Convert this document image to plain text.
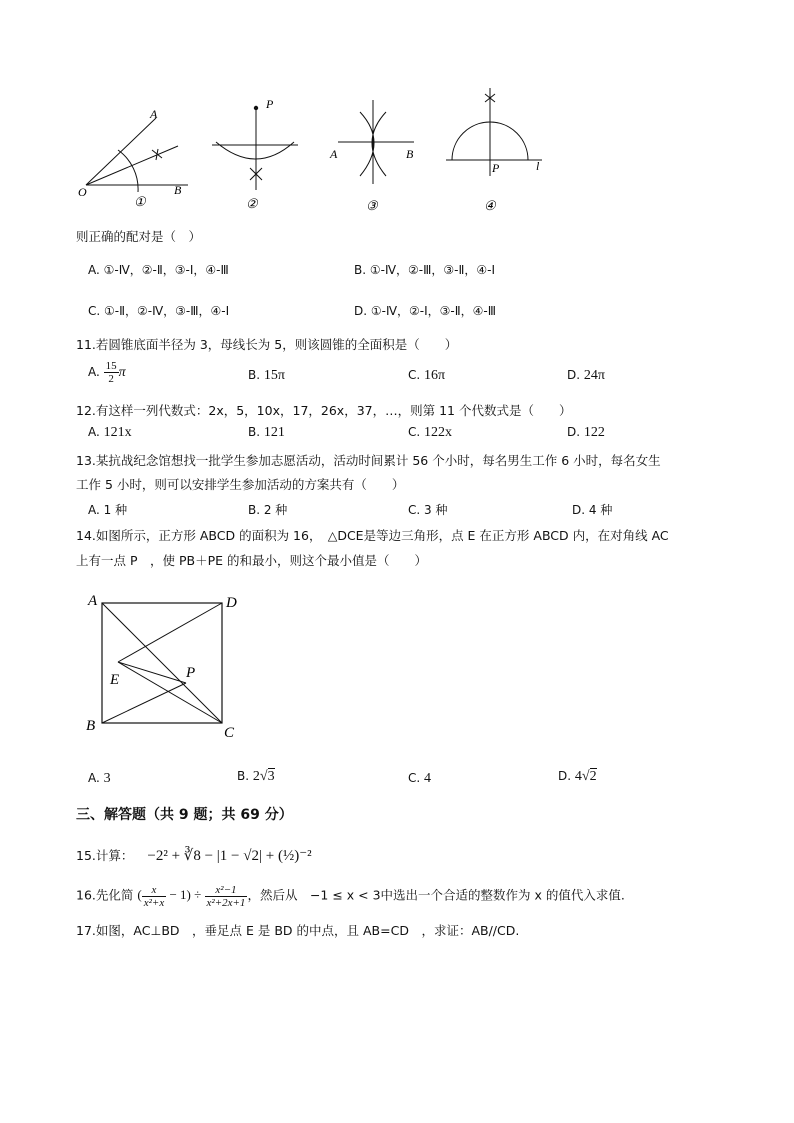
A
O	B
①
P
②
A	B
③
P	l
④
则正确的配对是（　）
A. ①-Ⅳ，②-Ⅱ，③-Ⅰ，④-Ⅲ	B. ①-Ⅳ，②-Ⅲ，③-Ⅱ，④-Ⅰ
C. ①-Ⅱ，②-Ⅳ，③-Ⅲ，④-Ⅰ	D. ①-Ⅳ，②-Ⅰ，③-Ⅱ，④-Ⅲ
11.若圆锥底面半径为 3，母线长为 5，则该圆锥的全面积是（　　）
A. $\frac{15}{2}$ π	B. 15π	C. 16π	D. 24π
12.有这样一列代数式：2x，5，10x，17，26x，37，…，则第 11 个代数式是（　　）
A. 121x	B. 121	C. 122x	D. 122
13.某抗战纪念馆想找一批学生参加志愿活动，活动时间累计 56 个小时，每名男生工作 6 小时，每名女生
工作 5 小时，则可以安排学生参加活动的方案共有（　　）
A. 1 种	B. 2 种	C. 3 种	D. 4 种
14.如图所示，正方形 ABCD 的面积为 16，　△DCE是等边三角形，点 E 在正方形 ABCD 内，在对角线 AC
上有一点 P　，使 PB＋PE 的和最小，则这个最小值是（　　）
A	D
E	P
B	C
A. 3	B. 2√3	C. 4	D. 4√2
三、解答题（共 9 题；共 69 分）
15.计算： −2² + ∛8 − |1 − √2| + (½)⁻²
16.先化简 ( $\frac{x}{\text{x²+x}} - 1) \div \frac{\text{x²−1}}{\text{x²+2x+1}}$ ，然后从　−1 ≤ x < 3中选出一个合适的整数作为 x 的值代入求值.
17.如图，AC⊥BD　，垂足点 E 是 BD 的中点，且 AB=CD　，求证：AB//CD.
